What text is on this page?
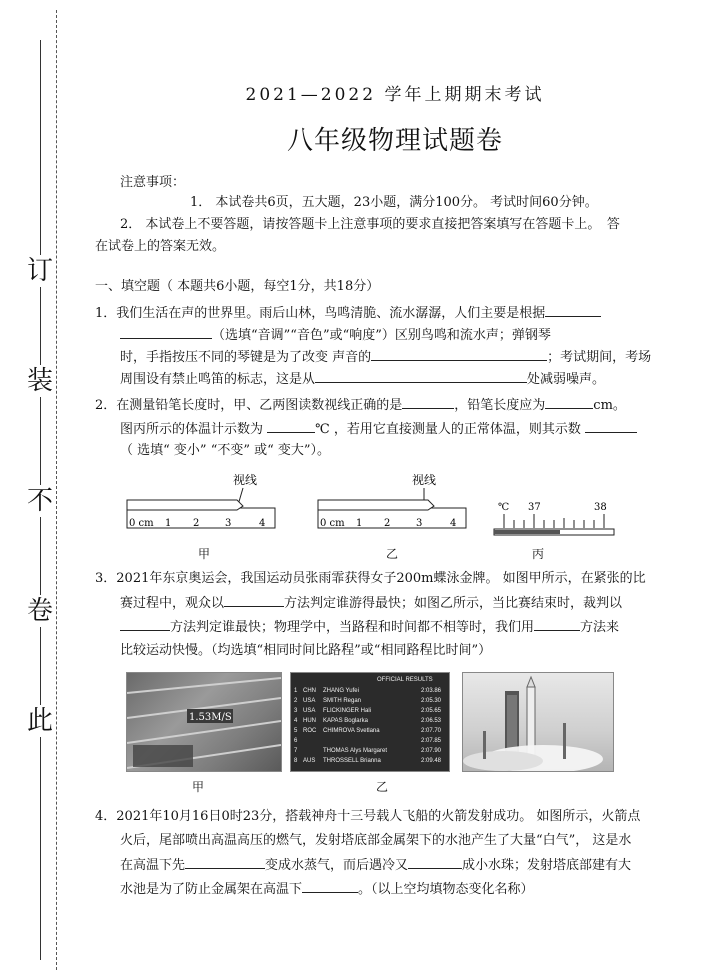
订
装
不
卷
此
2021—2022 学年上期期末考试
八年级物理试题卷
注意事项：
1． 本试卷共6页，五大题，23小题，满分100分。 考试时间60分钟。
2． 本试卷上不要答题，请按答题卡上注意事项的要求直接把答案填写在答题卡上。　答
在试卷上的答案无效。
一、填空题（ 本题共6小题，每空1分，共18分）
1．我们生活在声的世界里。雨后山林，鸟鸣清脆、流水潺潺，人们主要是根据
（选填“音调”“音色”或“响度”）区别鸟鸣和流水声；弹钢琴
时，手指按压不同的琴键是为了改变 声音的	；考试期间，考场
周围设有禁止鸣笛的标志，这是从	处减弱噪声。
2．在测量铅笔长度时，甲、乙两图读数视线正确的是	，铅笔长度应为	cm。
图丙所示的体温计示数为	℃ ，若用它直接测量人的正常体温，则其示数
（ 选填“ 变小” “不变” 或“ 变大”）。
视线
0 cm 1 2	3	4
甲
视线
0 cm 1 2	3	4
乙
℃ 37	38
丙
3．2021年东京奥运会，我国运动员张雨霏获得女子200m蝶泳金牌。 如图甲所示，在紧张的比
赛过程中，观众以	方法判定谁游得最快；如图乙所示，当比赛结束时，裁判以
方法判定谁最快；物理学中，当路程和时间都不相等时，我们用	方法来
比较运动快慢。（均选填“相同时间比路程”或“相同路程比时间”）
1.53M/S
甲
OFFICIAL RESULTS
1 CHN ZHANG Yufei	2:03.86
2 USA SMITH Regan	2:05.30
3 USA FLICKINGER Hali	2:05.65
4 HUN KAPAS Boglarka	2:06.53
5 ROC CHIMROVA Svetlana	2:07.70
6	2:07.85
7	THOMAS Alys Margaret	2:07.90
8 AUS THROSSELL Brianna	2:09.48
乙
4．2021年10月16日0时23分，搭载神舟十三号载人飞船的火箭发射成功。 如图所示，火箭点
火后，尾部喷出高温高压的燃气，发射塔底部金属架下的水池产生了大量“白气”， 这是水
在高温下先	变成水蒸气，而后遇冷又	成小水珠；发射塔底部建有大
水池是为了防止金属架在高温下	。（以上空均填物态变化名称）
